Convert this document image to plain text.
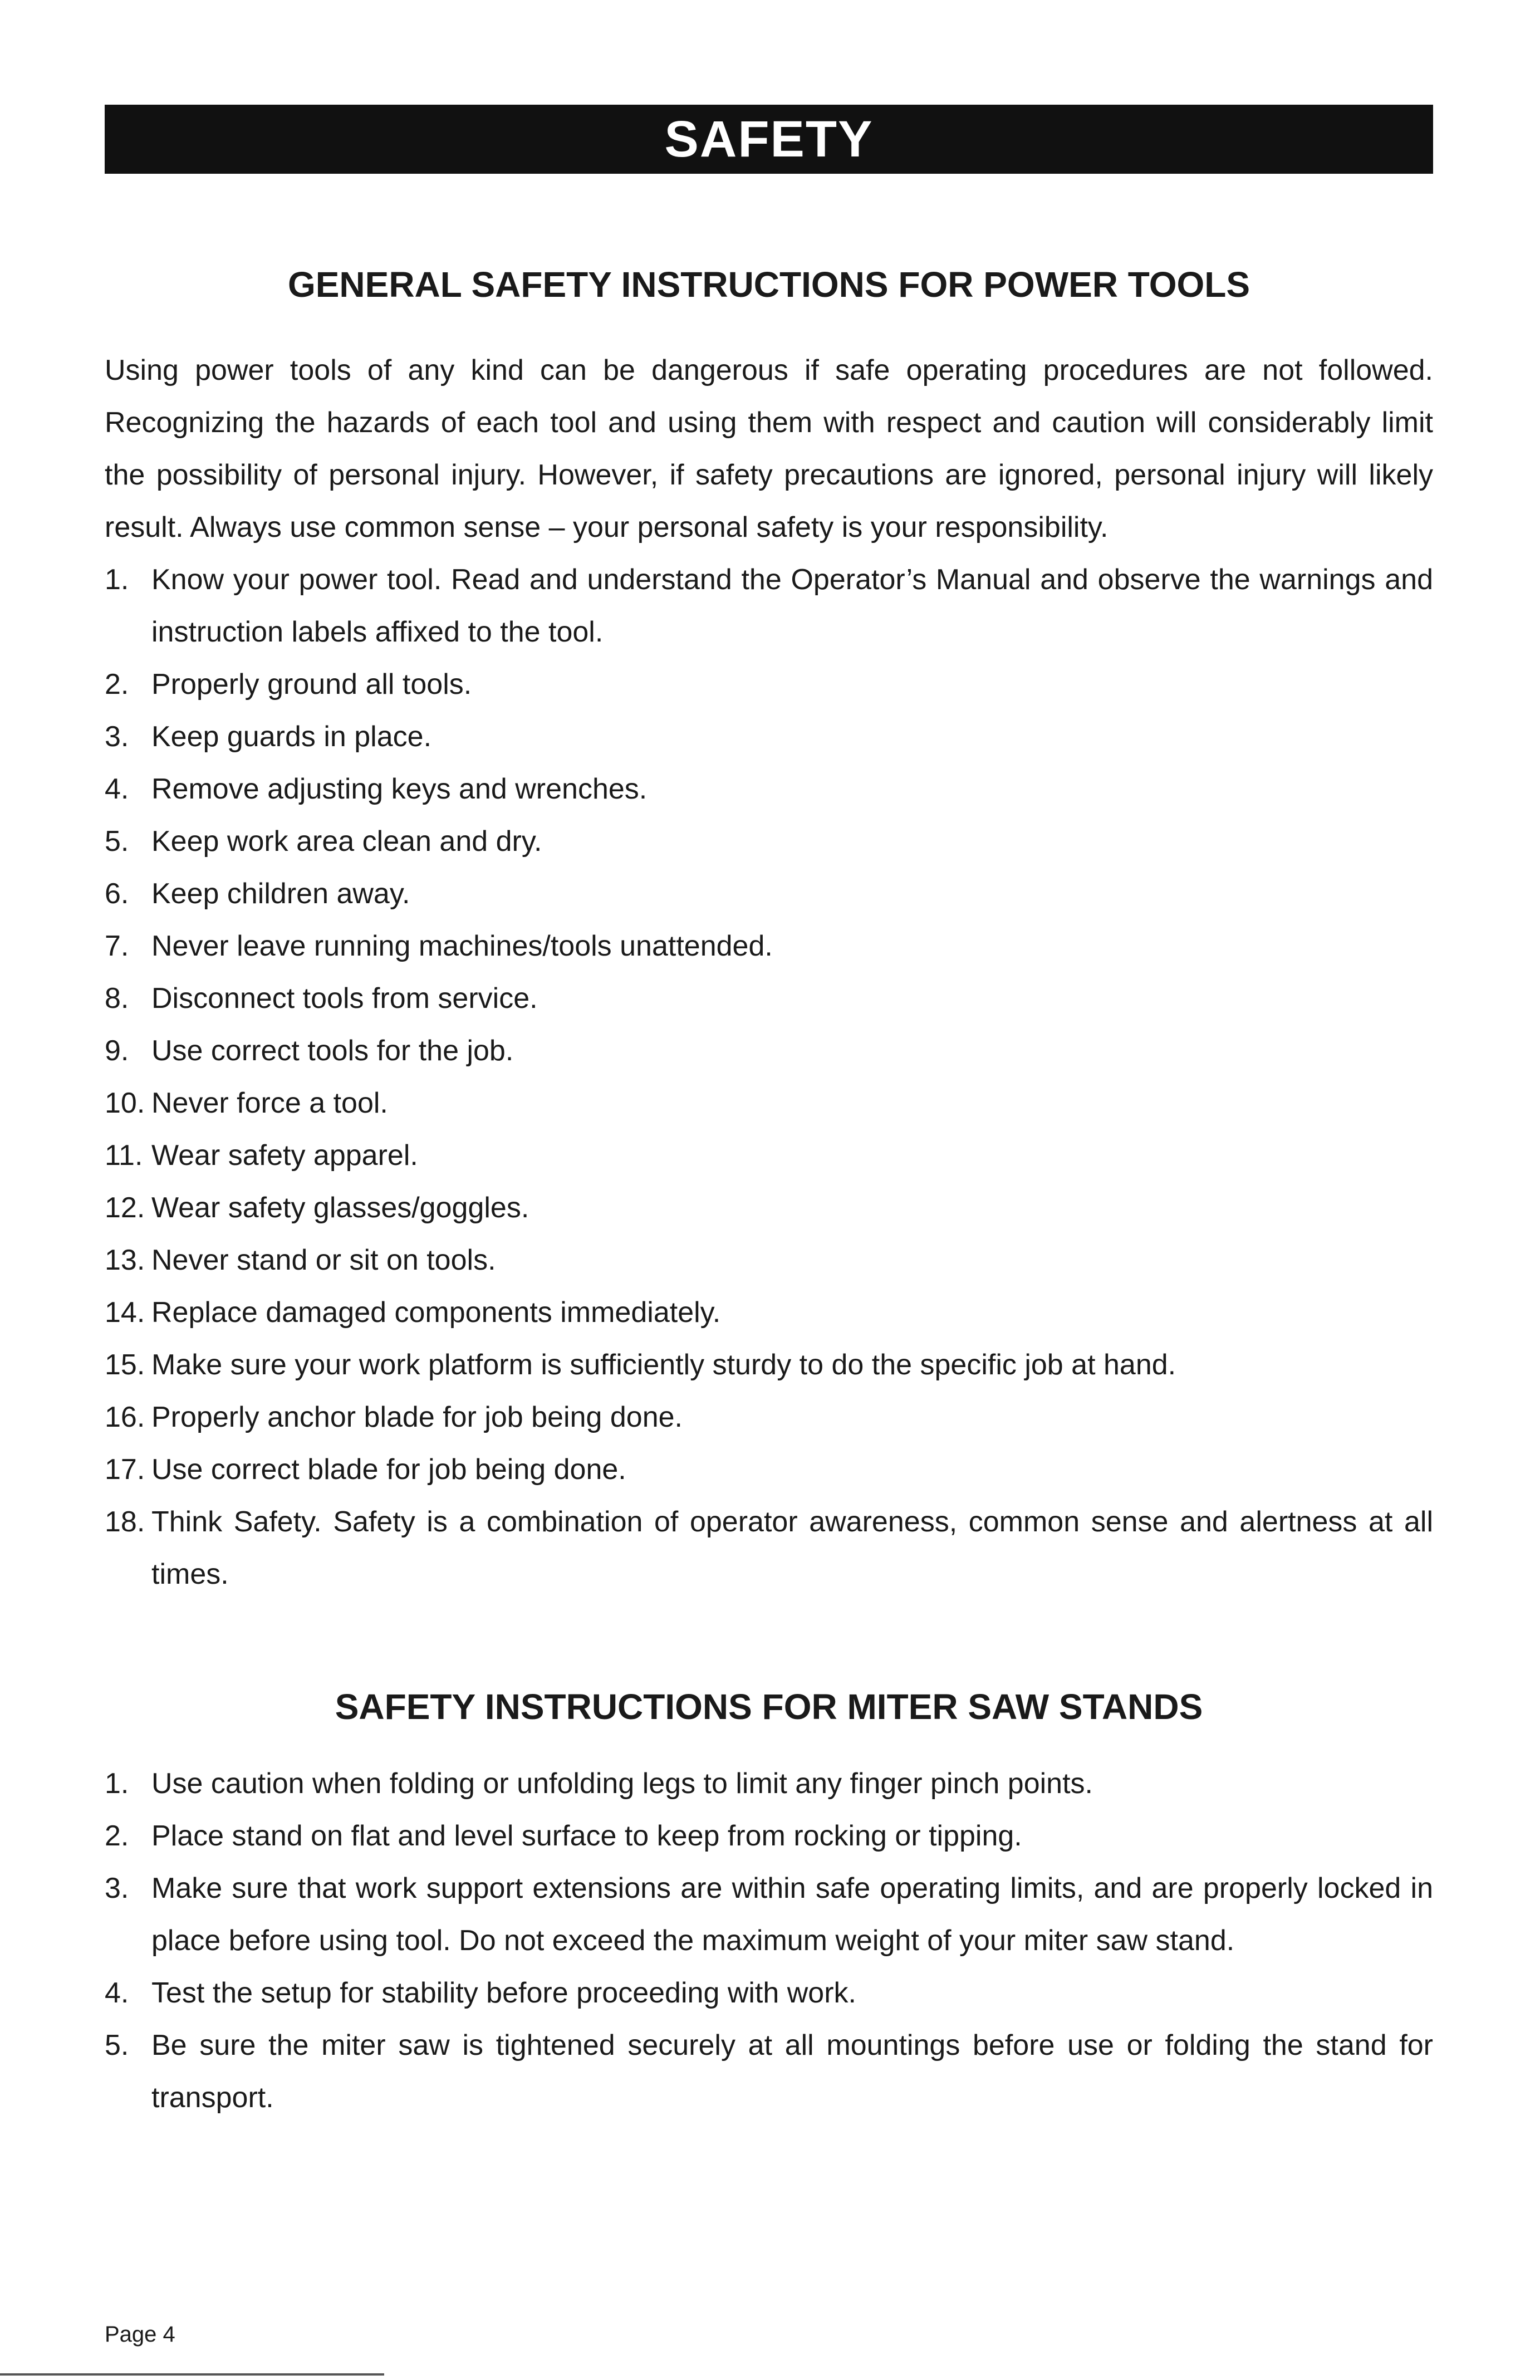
SAFETY
GENERAL SAFETY INSTRUCTIONS FOR POWER TOOLS

Using power tools of any kind can be dangerous if safe operating procedures are not followed. Recognizing the hazards of each tool and using them with respect and caution will considerably limit the possibility of personal injury. However, if safety precautions are ignored, personal injury will likely result. Always use common sense – your personal safety is your responsibility.

1. Know your power tool. Read and understand the Operator’s Manual and observe the warnings and instruction labels affixed to the tool.
2. Properly ground all tools.
3. Keep guards in place.
4. Remove adjusting keys and wrenches.
5. Keep work area clean and dry.
6. Keep children away.
7. Never leave running machines/tools unattended.
8. Disconnect tools from service.
9. Use correct tools for the job.
10. Never force a tool.
11. Wear safety apparel.
12. Wear safety glasses/goggles.
13. Never stand or sit on tools.
14. Replace damaged components immediately.
15. Make sure your work platform is sufficiently sturdy to do the specific job at hand.
16. Properly anchor blade for job being done.
17. Use correct blade for job being done.
18. Think Safety. Safety is a combination of operator awareness, common sense and alertness at all times.
SAFETY INSTRUCTIONS FOR MITER SAW STANDS
1. Use caution when folding or unfolding legs to limit any finger pinch points.
2. Place stand on flat and level surface to keep from rocking or tipping.
3. Make sure that work support extensions are within safe operating limits, and are properly locked in place before using tool. Do not exceed the maximum weight of your miter saw stand.
4. Test the setup for stability before proceeding with work.
5. Be sure the miter saw is tightened securely at all mountings before use or folding the stand for transport.
Page 4
